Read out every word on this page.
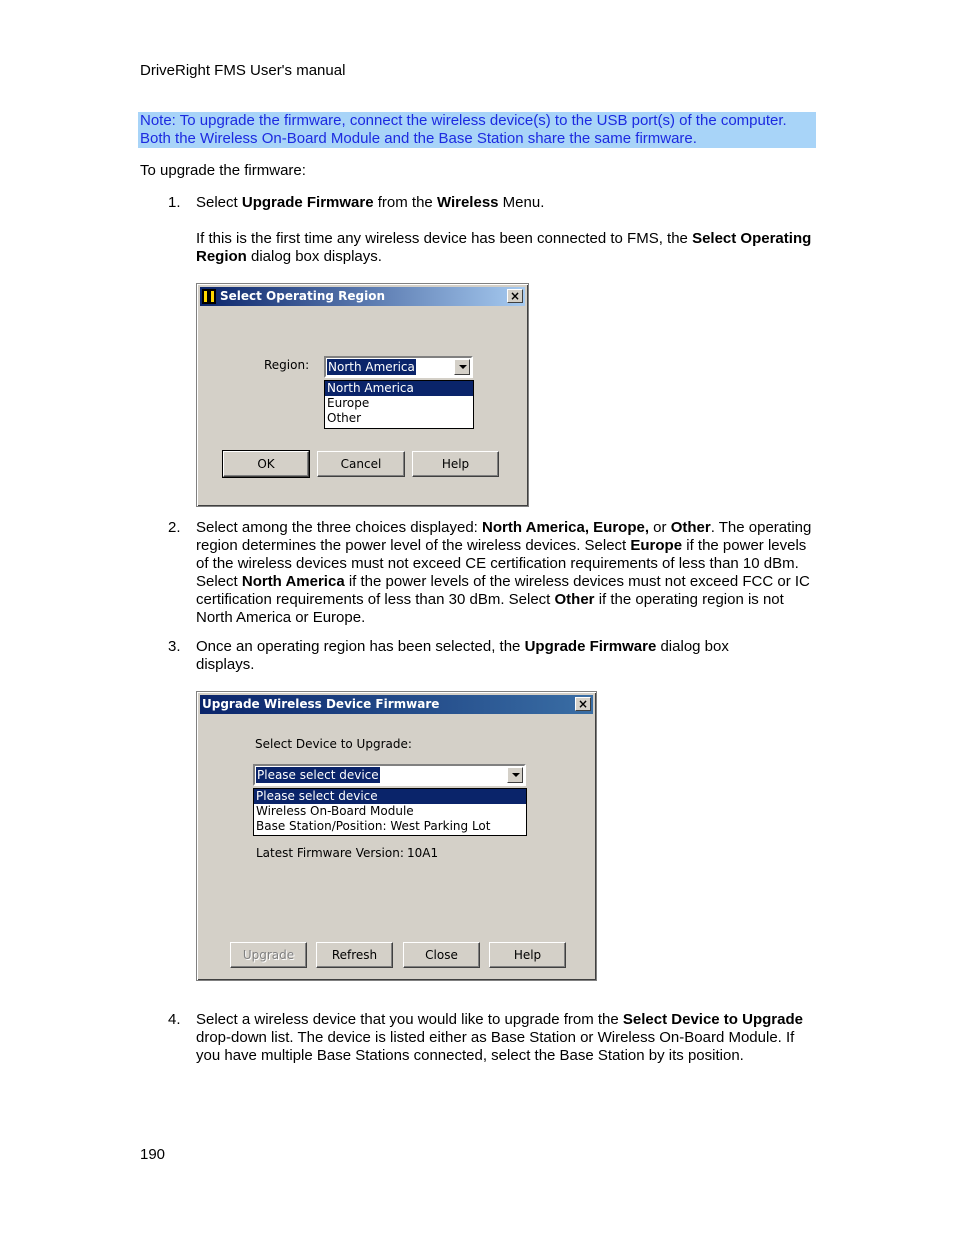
DriveRight FMS User's manual
Note: To upgrade the firmware, connect the wireless device(s) to the USB port(s) of the computer. Both the Wireless On-Board Module and the Base Station share the same firmware.
To upgrade the firmware:
1.	Select Upgrade Firmware from the Wireless Menu.
If this is the first time any wireless device has been connected to FMS, the Select Operating Region dialog box displays.
Select Operating Region	×
Region: North America
North America
Europe
Other
OK	Cancel	Help
2.	Select among the three choices displayed: North America, Europe, or Other. The operating region determines the power level of the wireless devices. Select Europe if the power levels of the wireless devices must not exceed CE certification requirements of less than 10 dBm. Select North America if the power levels of the wireless devices must not exceed FCC or IC certification requirements of less than 30 dBm. Select Other if the operating region is not North America or Europe.
3.	Once an operating region has been selected, the Upgrade Firmware dialog box displays.
Upgrade Wireless Device Firmware	×
Select Device to Upgrade:
Please select device
Please select device
Wireless On-Board Module
Base Station/Position: West Parking Lot
Latest Firmware Version: 10A1
Upgrade	Refresh	Close	Help
4.	Select a wireless device that you would like to upgrade from the Select Device to Upgrade drop-down list. The device is listed either as Base Station or Wireless On-Board Module. If you have multiple Base Stations connected, select the Base Station by its position.
190
